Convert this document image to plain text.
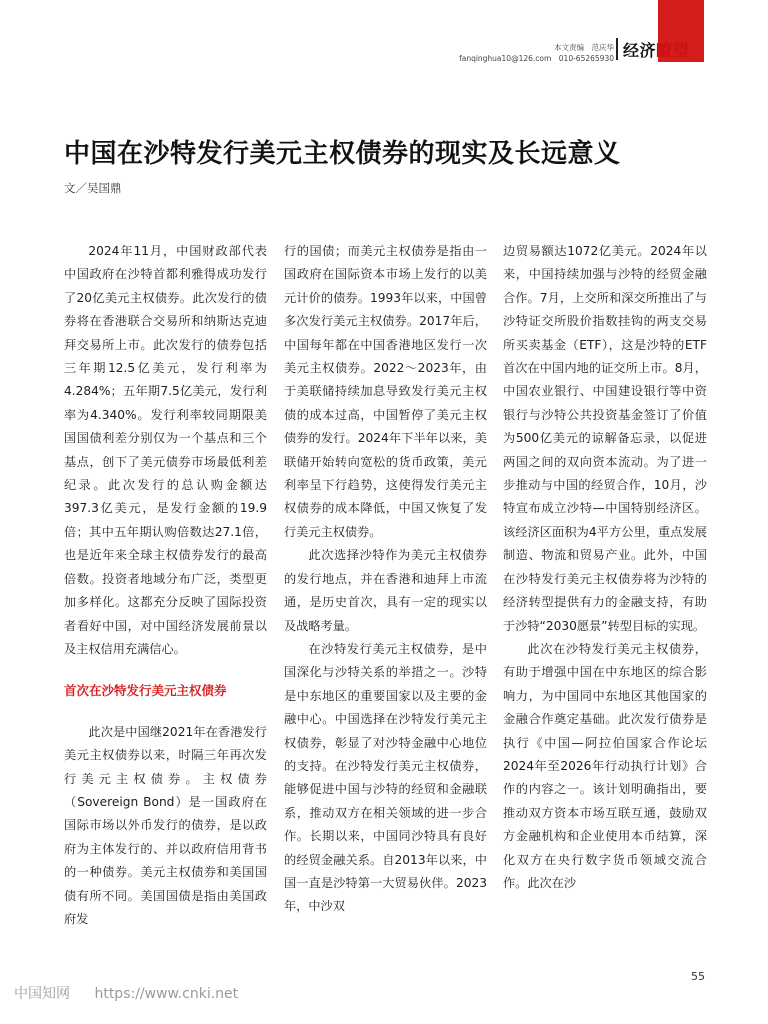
本文责编　范庆华
fanqinghua10@126.com　010-65265930 经济瞭望
中国在沙特发行美元主权债券的现实及长远意义
文／吴国鼎

2024年11月，中国财政部代表中国政府在沙特首都利雅得成功发行了20亿美元主权债券。此次发行的债券将在香港联合交易所和纳斯达克迪拜交易所上市。此次发行的债券包括三年期12.5亿美元，发行利率为4.284%；五年期7.5亿美元，发行利率为4.340%。发行利率较同期限美国国债利差分别仅为一个基点和三个基点，创下了美元债券市场最低利差纪录。此次发行的总认购金额达397.3亿美元，是发行金额的19.9倍；其中五年期认购倍数达27.1倍，也是近年来全球主权债券发行的最高倍数。投资者地域分布广泛，类型更加多样化。这都充分反映了国际投资者看好中国，对中国经济发展前景以及主权信用充满信心。

首次在沙特发行美元主权债券

此次是中国继2021年在香港发行美元主权债券以来，时隔三年再次发行美元主权债券。主权债券（Sovereign Bond）是一国政府在国际市场以外币发行的债券，是以政府为主体发行的、并以政府信用背书的一种债券。美元主权债券和美国国债有所不同。美国国债是指由美国政府发

行的国债；而美元主权债券是指由一国政府在国际资本市场上发行的以美元计价的债券。1993年以来，中国曾多次发行美元主权债券。2017年后，中国每年都在中国香港地区发行一次美元主权债券。2022～2023年，由于美联储持续加息导致发行美元主权债的成本过高，中国暂停了美元主权债券的发行。2024年下半年以来，美联储开始转向宽松的货币政策，美元利率呈下行趋势，这使得发行美元主权债券的成本降低，中国又恢复了发行美元主权债券。

此次选择沙特作为美元主权债券的发行地点，并在香港和迪拜上市流通，是历史首次，具有一定的现实以及战略考量。

在沙特发行美元主权债券，是中国深化与沙特关系的举措之一。沙特是中东地区的重要国家以及主要的金融中心。中国选择在沙特发行美元主权债券，彰显了对沙特金融中心地位的支持。在沙特发行美元主权债券，能够促进中国与沙特的经贸和金融联系，推动双方在相关领域的进一步合作。长期以来，中国同沙特具有良好的经贸金融关系。自2013年以来，中国一直是沙特第一大贸易伙伴。2023年，中沙双

边贸易额达1072亿美元。2024年以来，中国持续加强与沙特的经贸金融合作。7月，上交所和深交所推出了与沙特证交所股价指数挂钩的两支交易所买卖基金（ETF），这是沙特的ETF首次在中国内地的证交所上市。8月，中国农业银行、中国建设银行等中资银行与沙特公共投资基金签订了价值为500亿美元的谅解备忘录，以促进两国之间的双向资本流动。为了进一步推动与中国的经贸合作，10月，沙特宣布成立沙特—中国特别经济区。该经济区面积为4平方公里，重点发展制造、物流和贸易产业。此外，中国在沙特发行美元主权债券将为沙特的经济转型提供有力的金融支持，有助于沙特“2030愿景”转型目标的实现。

此次在沙特发行美元主权债券，有助于增强中国在中东地区的综合影响力，为中国同中东地区其他国家的金融合作奠定基础。此次发行债券是执行《中国—阿拉伯国家合作论坛2024年至2026年行动执行计划》合作的内容之一。该计划明确指出，要推动双方资本市场互联互通，鼓励双方金融机构和企业使用本币结算，深化双方在央行数字货币领域交流合作。此次在沙

55
中国知网 https://www.cnki.net
